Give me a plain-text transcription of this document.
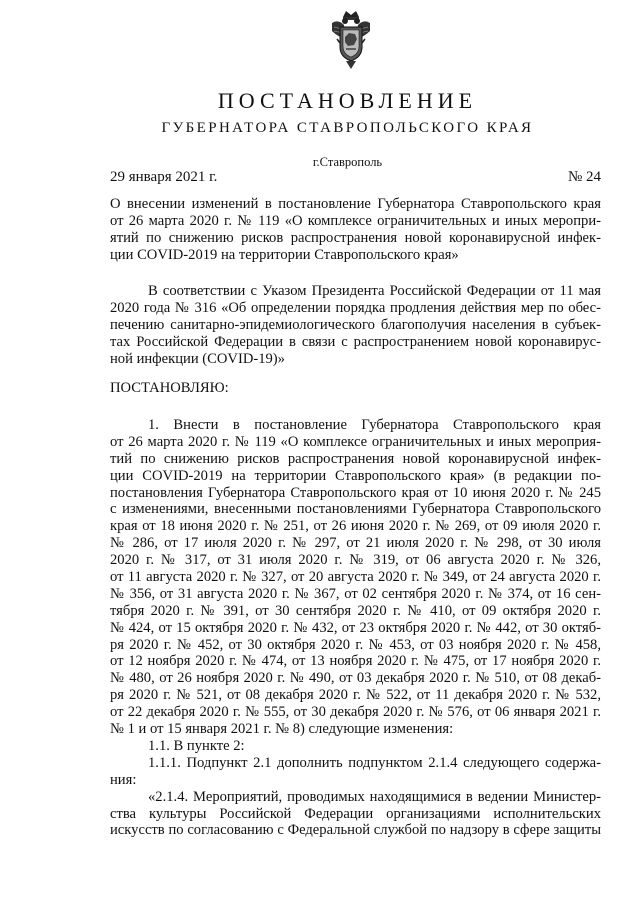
ПОСТАНОВЛЕНИЕ
ГУБЕРНАТОРА СТАВРОПОЛЬСКОГО КРАЯ
г.Ставрополь
29 января 2021 г.	№ 24
О внесении изменений в постановление Губернатора Ставропольского края
от 26 марта 2020 г. № 119 «О комплексе ограничительных и иных меропри-
ятий по снижению рисков распространения новой коронавирусной инфек-
ции COVID-2019 на территории Ставропольского края»
В соответствии с Указом Президента Российской Федерации от 11 мая
2020 года № 316 «Об определении порядка продления действия мер по обес-
печению санитарно-эпидемиологического благополучия населения в субъек-
тах Российской Федерации в связи с распространением новой коронавирус-
ной инфекции (COVID-19)»
ПОСТАНОВЛЯЮ:
1. Внести в постановление Губернатора Ставропольского края
от 26 марта 2020 г. № 119 «О комплексе ограничительных и иных мероприя-
тий по снижению рисков распространения новой коронавирусной инфек-
ции COVID-2019 на территории Ставропольского края» (в редакции по-
постановления Губернатора Ставропольского края от 10 июня 2020 г. № 245
с изменениями, внесенными постановлениями Губернатора Ставропольского
края от 18 июня 2020 г. № 251, от 26 июня 2020 г. № 269, от 09 июля 2020 г.
№ 286, от 17 июля 2020 г. № 297, от 21 июля 2020 г. № 298, от 30 июля
2020 г. № 317, от 31 июля 2020 г. № 319, от 06 августа 2020 г. № 326,
от 11 августа 2020 г. № 327, от 20 августа 2020 г. № 349, от 24 августа 2020 г.
№ 356, от 31 августа 2020 г. № 367, от 02 сентября 2020 г. № 374, от 16 сен-
тября 2020 г. № 391, от 30 сентября 2020 г. № 410, от 09 октября 2020 г.
№ 424, от 15 октября 2020 г. № 432, от 23 октября 2020 г. № 442, от 30 октяб-
ря 2020 г. № 452, от 30 октября 2020 г. № 453, от 03 ноября 2020 г. № 458,
от 12 ноября 2020 г. № 474, от 13 ноября 2020 г. № 475, от 17 ноября 2020 г.
№ 480, от 26 ноября 2020 г. № 490, от 03 декабря 2020 г. № 510, от 08 декаб-
ря 2020 г. № 521, от 08 декабря 2020 г. № 522, от 11 декабря 2020 г. № 532,
от 22 декабря 2020 г. № 555, от 30 декабря 2020 г. № 576, от 06 января 2021 г.
№ 1 и от 15 января 2021 г. № 8) следующие изменения:
1.1. В пункте 2:
1.1.1. Подпункт 2.1 дополнить подпунктом 2.1.4 следующего содержа-
ния:
«2.1.4. Мероприятий, проводимых находящимися в ведении Министер-
ства культуры Российской Федерации организациями исполнительских
искусств по согласованию с Федеральной службой по надзору в сфере защиты
